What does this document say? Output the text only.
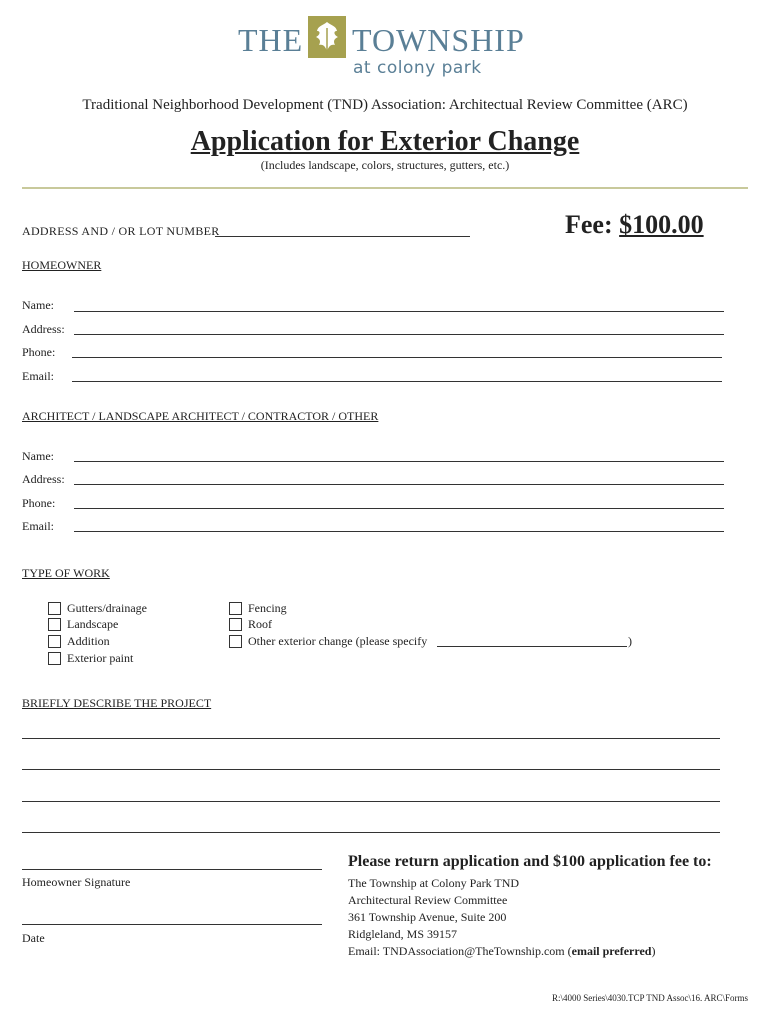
THE TOWNSHIP
at colony park
Traditional Neighborhood Development (TND) Association: Architectual Review Committee (ARC)
Application for Exterior Change
(Includes landscape, colors, structures, gutters, etc.)
ADDRESS AND / OR LOT NUMBER	Fee: $100.00
HOMEOWNER
Name:
Address:
Phone:
Email:
ARCHITECT / LANDSCAPE ARCHITECT / CONTRACTOR / OTHER
Name:
Address:
Phone:
Email:
TYPE OF WORK
Gutters/drainage
Landscape
Addition
Exterior paint
Fencing
Roof
Other exterior change (please specify	)
BRIEFLY DESCRIBE THE PROJECT
Homeowner Signature
Date
Please return application and $100 application fee to:
The Township at Colony Park TND
Architectural Review Committee
361 Township Avenue, Suite 200
Ridgleland, MS 39157
Email: TNDAssociation@TheTownship.com (email preferred)
R:\4000 Series\4030.TCP TND Assoc\16. ARC\Forms
